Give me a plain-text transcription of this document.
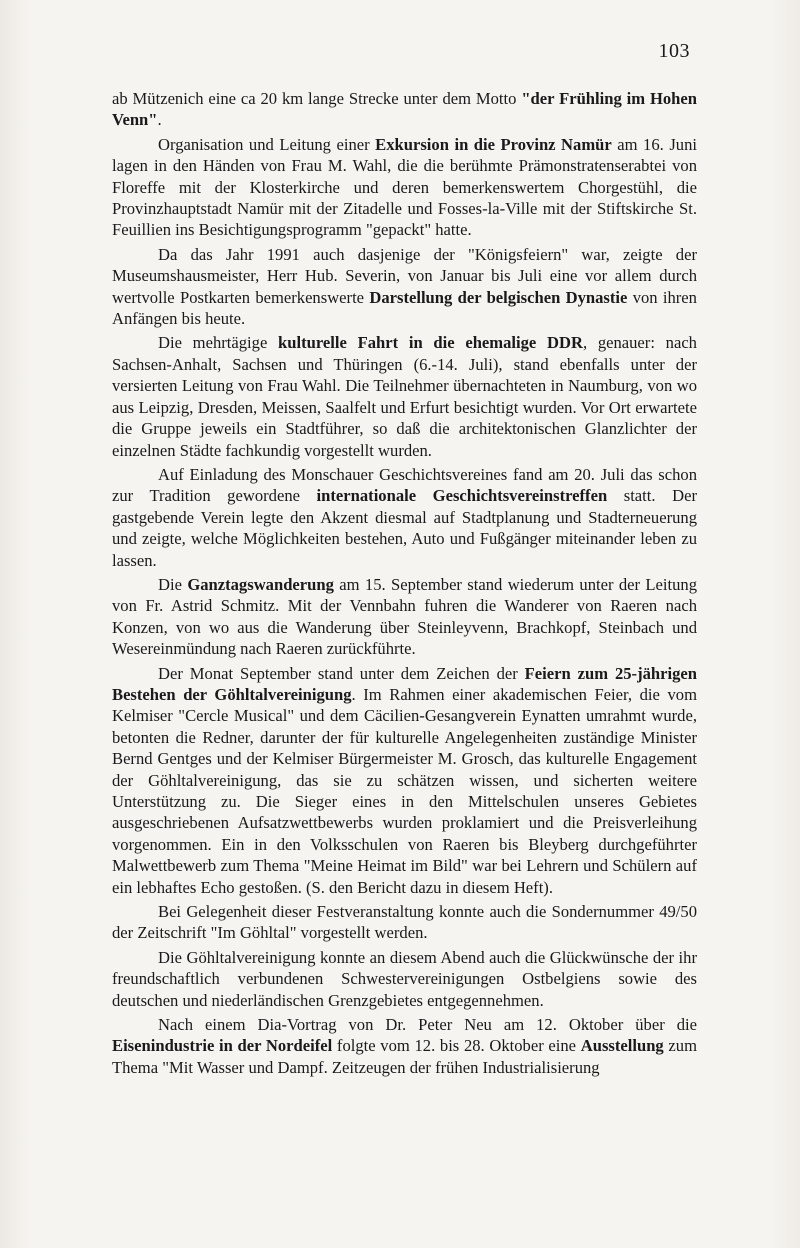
103

ab Mützenich eine ca 20 km lange Strecke unter dem Motto "der Frühling im Hohen Venn".

Organisation und Leitung einer Exkursion in die Provinz Namür am 16. Juni lagen in den Händen von Frau M. Wahl, die die berühmte Prämonstratenserabtei von Floreffe mit der Klosterkirche und deren bemerkenswertem Chorgestühl, die Provinzhauptstadt Namür mit der Zitadelle und Fosses-la-Ville mit der Stiftskirche St. Feuillien ins Besichtigungsprogramm "gepackt" hatte.

Da das Jahr 1991 auch dasjenige der "Königsfeiern" war, zeigte der Museumshausmeister, Herr Hub. Severin, von Januar bis Juli eine vor allem durch wertvolle Postkarten bemerkenswerte Darstellung der belgischen Dynastie von ihren Anfängen bis heute.

Die mehrtägige kulturelle Fahrt in die ehemalige DDR, genauer: nach Sachsen-Anhalt, Sachsen und Thüringen (6.-14. Juli), stand ebenfalls unter der versierten Leitung von Frau Wahl. Die Teilnehmer übernachteten in Naumburg, von wo aus Leipzig, Dresden, Meissen, Saalfelt und Erfurt besichtigt wurden. Vor Ort erwartete die Gruppe jeweils ein Stadtführer, so daß die architektonischen Glanzlichter der einzelnen Städte fachkundig vorgestellt wurden.

Auf Einladung des Monschauer Geschichtsvereines fand am 20. Juli das schon zur Tradition gewordene internationale Geschichtsvereinstreffen statt. Der gastgebende Verein legte den Akzent diesmal auf Stadtplanung und Stadterneuerung und zeigte, welche Möglichkeiten bestehen, Auto und Fußgänger miteinander leben zu lassen.

Die Ganztagswanderung am 15. September stand wiederum unter der Leitung von Fr. Astrid Schmitz. Mit der Vennbahn fuhren die Wanderer von Raeren nach Konzen, von wo aus die Wanderung über Steinleyvenn, Brachkopf, Steinbach und Wesereinmündung nach Raeren zurückführte.

Der Monat September stand unter dem Zeichen der Feiern zum 25-jährigen Bestehen der Göhltalvereinigung. Im Rahmen einer akademischen Feier, die vom Kelmiser "Cercle Musical" und dem Cäcilien-Gesangverein Eynatten umrahmt wurde, betonten die Redner, darunter der für kulturelle Angelegenheiten zuständige Minister Bernd Gentges und der Kelmiser Bürgermeister M. Grosch, das kulturelle Engagement der Göhltalvereinigung, das sie zu schätzen wissen, und sicherten weitere Unterstützung zu. Die Sieger eines in den Mittelschulen unseres Gebietes ausgeschriebenen Aufsatzwettbewerbs wurden proklamiert und die Preisverleihung vorgenommen. Ein in den Volksschulen von Raeren bis Bleyberg durchgeführter Malwettbewerb zum Thema "Meine Heimat im Bild" war bei Lehrern und Schülern auf ein lebhaftes Echo gestoßen. (S. den Bericht dazu in diesem Heft).

Bei Gelegenheit dieser Festveranstaltung konnte auch die Sondernummer 49/50 der Zeitschrift "Im Göhltal" vorgestellt werden.

Die Göhltalvereinigung konnte an diesem Abend auch die Glückwünsche der ihr freundschaftlich verbundenen Schwestervereinigungen Ostbelgiens sowie des deutschen und niederländischen Grenzgebietes entgegennehmen.

Nach einem Dia-Vortrag von Dr. Peter Neu am 12. Oktober über die Eisenindustrie in der Nordeifel folgte vom 12. bis 28. Oktober eine Ausstellung zum Thema "Mit Wasser und Dampf. Zeitzeugen der frühen Industrialisierung
